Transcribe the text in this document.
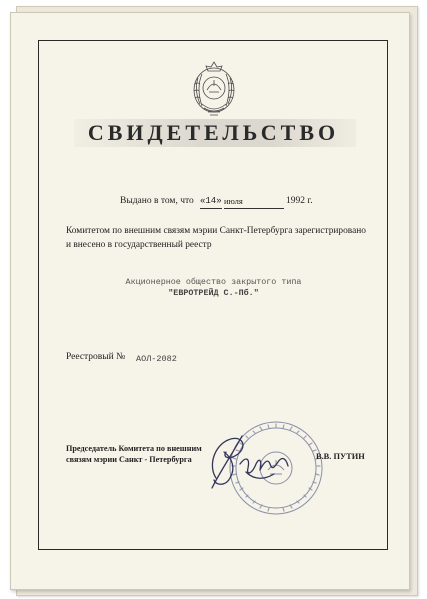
СВИДЕТЕЛЬСТВО
Выдано в том, что «14» июля	1992 г.
Комитетом по внешним связям мэрии Санкт-Петербурга зарегистрировано
и внесено в государственный реестр
Акционерное общество закрытого типа
"ЕВРОТРЕЙД С.-Пб."
Реестровый № АОЛ-2082
Председатель Комитета по внешним
связям мэрии Санкт - Петербурга	В.В. ПУТИН
